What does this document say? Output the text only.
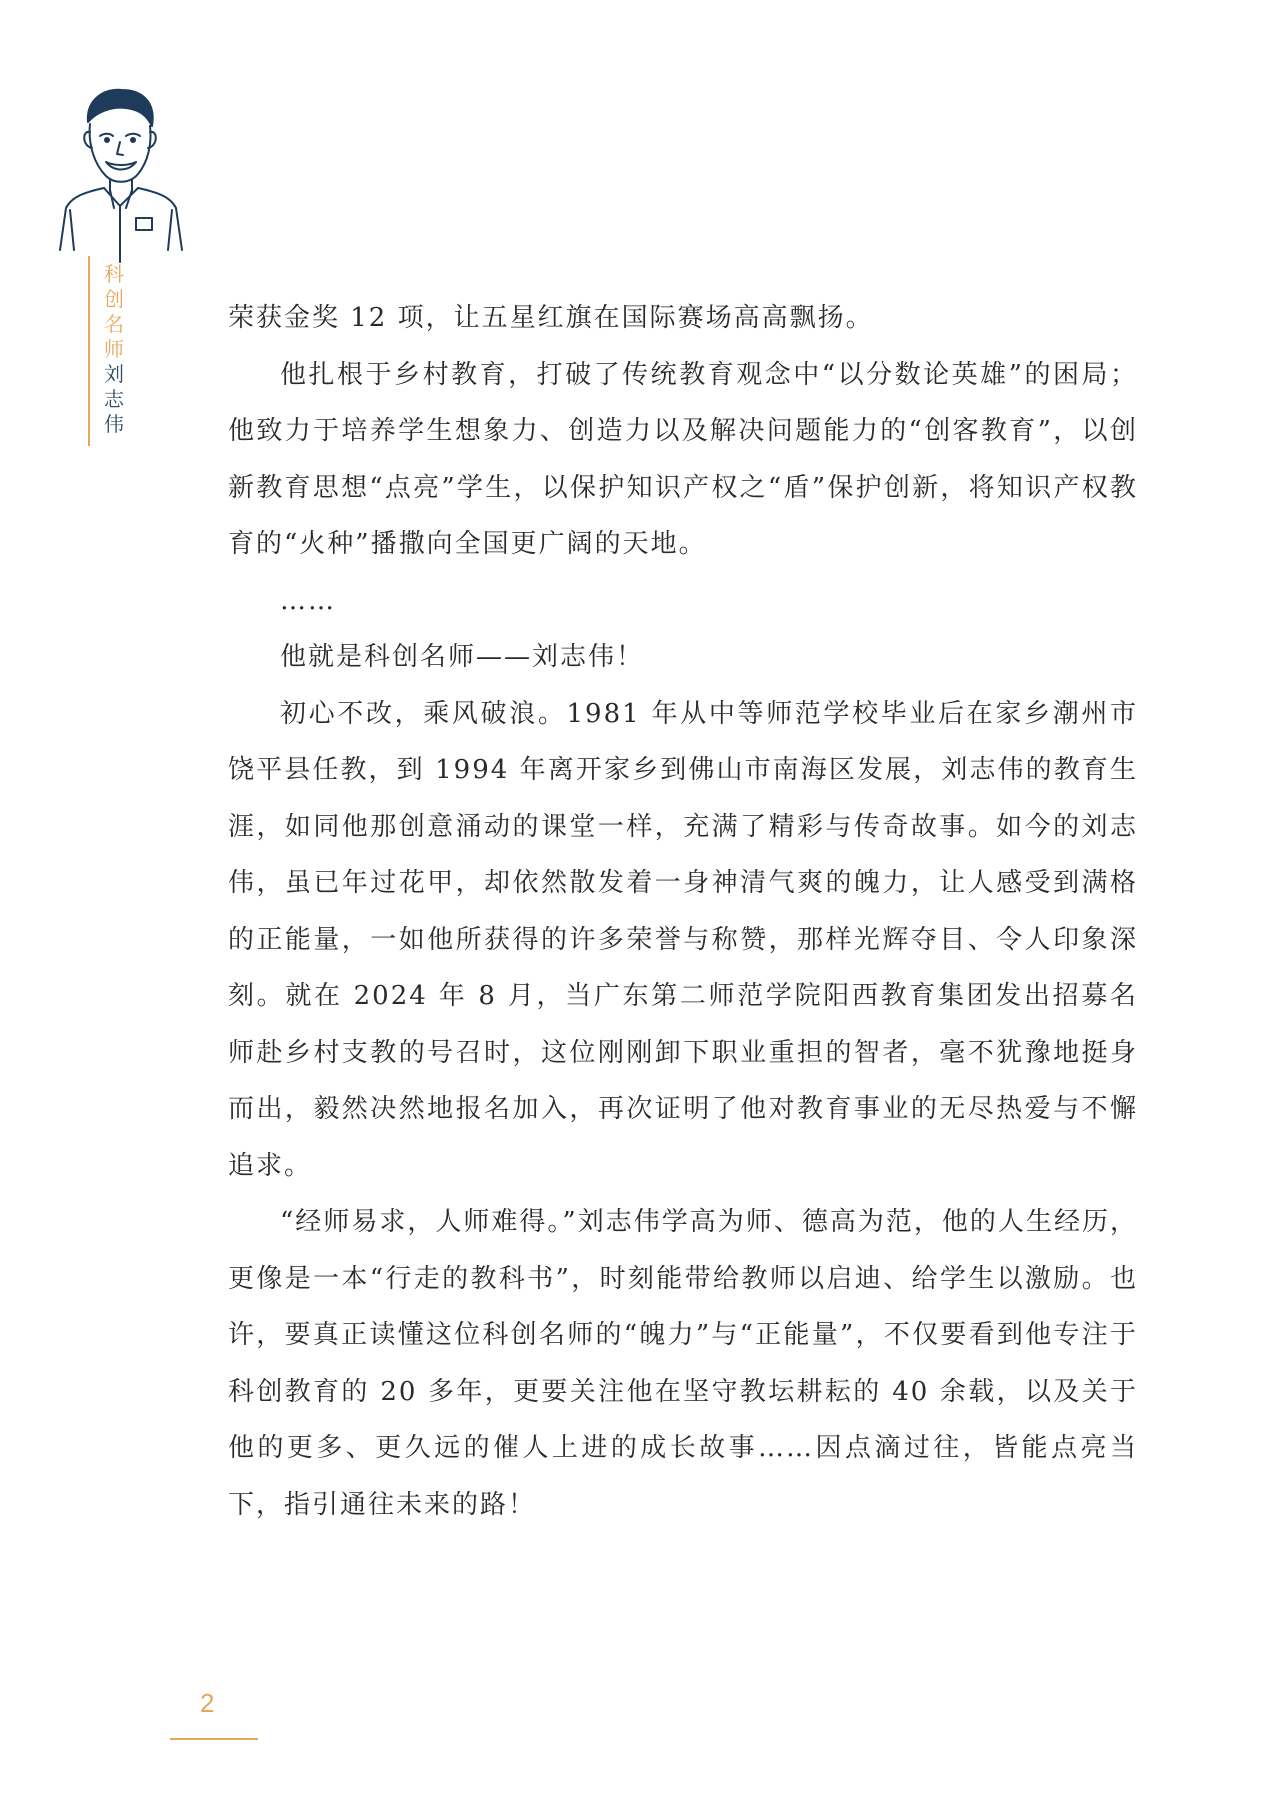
科
创
名
师
刘
志
伟

荣获金奖 12 项，让五星红旗在国际赛场高高飘扬。

他扎根于乡村教育，打破了传统教育观念中“以分数论英雄”的困局；他致力于培养学生想象力、创造力以及解决问题能力的“创客教育”，以创新教育思想“点亮”学生，以保护知识产权之“盾”保护创新，将知识产权教育的“火种”播撒向全国更广阔的天地。

……

他就是科创名师——刘志伟！

初心不改，乘风破浪。1981 年从中等师范学校毕业后在家乡潮州市饶平县任教，到 1994 年离开家乡到佛山市南海区发展，刘志伟的教育生涯，如同他那创意涌动的课堂一样，充满了精彩与传奇故事。如今的刘志伟，虽已年过花甲，却依然散发着一身神清气爽的魄力，让人感受到满格的正能量，一如他所获得的许多荣誉与称赞，那样光辉夺目、令人印象深刻。就在 2024 年 8 月，当广东第二师范学院阳西教育集团发出招募名师赴乡村支教的号召时，这位刚刚卸下职业重担的智者，毫不犹豫地挺身而出，毅然决然地报名加入，再次证明了他对教育事业的无尽热爱与不懈追求。

“经师易求，人师难得。”刘志伟学高为师、德高为范，他的人生经历，更像是一本“行走的教科书”，时刻能带给教师以启迪、给学生以激励。也许，要真正读懂这位科创名师的“魄力”与“正能量”，不仅要看到他专注于科创教育的 20 多年，更要关注他在坚守教坛耕耘的 40 余载，以及关于他的更多、更久远的催人上进的成长故事……因点滴过往，皆能点亮当下，指引通往未来的路！

2
